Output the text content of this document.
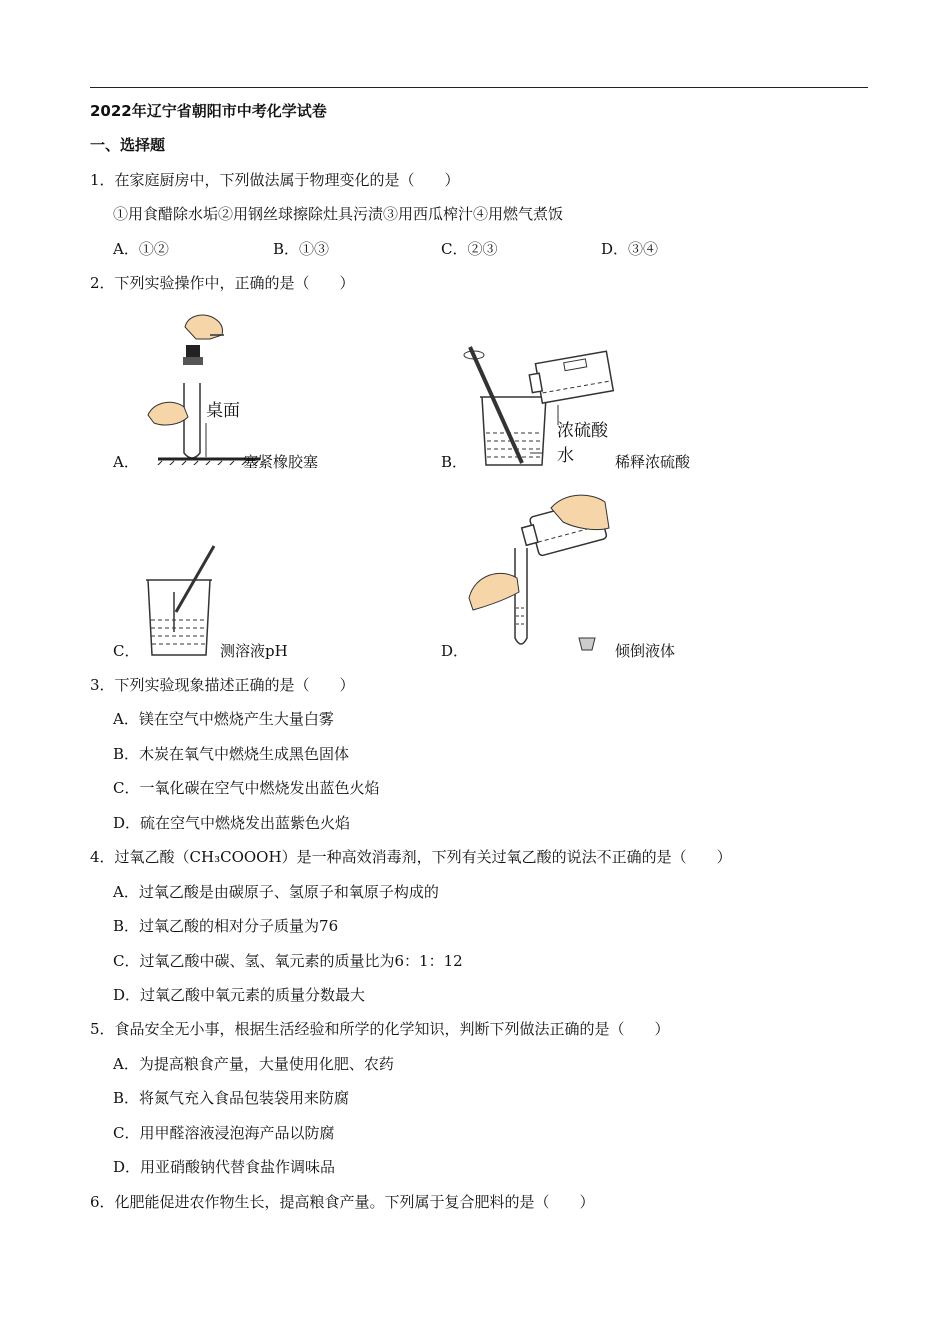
2022年辽宁省朝阳市中考化学试卷
一、选择题
1．在家庭厨房中，下列做法属于物理变化的是（　　）
①用食醋除水垢②用钢丝球擦除灶具污渍③用西瓜榨汁④用燃气煮饭
A．①②	B．①③	C．②③	D．③④
2．下列实验操作中，正确的是（　　）
桌面
A．	塞紧橡胶塞
浓硫酸
水
B．	稀释浓硫酸
C．	测溶液pH	D．	倾倒液体
3．下列实验现象描述正确的是（　　）
A．镁在空气中燃烧产生大量白雾
B．木炭在氧气中燃烧生成黑色固体
C．一氧化碳在空气中燃烧发出蓝色火焰
D．硫在空气中燃烧发出蓝紫色火焰
4．过氧乙酸（CH₃COOOH）是一种高效消毒剂，下列有关过氧乙酸的说法不正确的是（　　）
A．过氧乙酸是由碳原子、氢原子和氧原子构成的
B．过氧乙酸的相对分子质量为76
C．过氧乙酸中碳、氢、氧元素的质量比为6：1：12
D．过氧乙酸中氧元素的质量分数最大
5．食品安全无小事，根据生活经验和所学的化学知识，判断下列做法正确的是（　　）
A．为提高粮食产量，大量使用化肥、农药
B．将氮气充入食品包装袋用来防腐
C．用甲醛溶液浸泡海产品以防腐
D．用亚硝酸钠代替食盐作调味品
6．化肥能促进农作物生长，提高粮食产量。下列属于复合肥料的是（　　）
